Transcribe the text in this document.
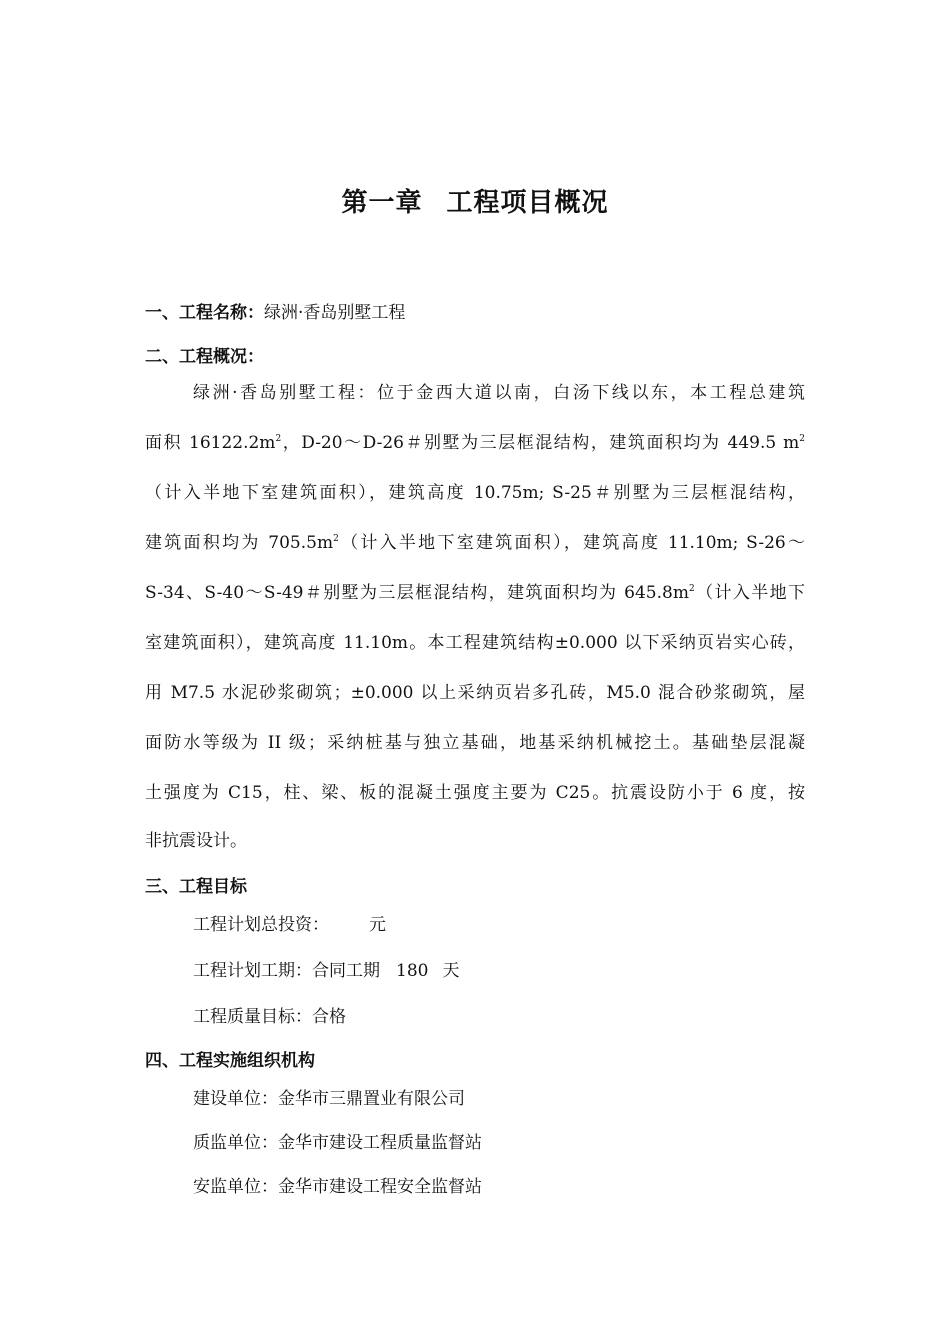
第一章 工程项目概况
一、工程名称：绿洲·香岛别墅工程
二、工程概况：
绿洲·香岛别墅工程：位于金西大道以南，白汤下线以东，本工程总建筑
面积 $16122.2m^2$，D-20～D-26＃别墅为三层框混结构，建筑面积均为 449.5 $m^2$
（计入半地下室建筑面积），建筑高度 10.75m; S-25＃别墅为三层框混结构，
建筑面积均为 $705.5m^2$（计入半地下室建筑面积），建筑高度 11.10m; S-26～
S-34、S-40～S-49＃别墅为三层框混结构，建筑面积均为 $645.8m^2$（计入半地下
室建筑面积），建筑高度 11.10m。本工程建筑结构±0.000 以下采纳页岩实心砖，
用 M7.5 水泥砂浆砌筑；±0.000 以上采纳页岩多孔砖，M5.0 混合砂浆砌筑，屋
面防水等级为 II 级；采纳桩基与独立基础，地基采纳机械挖土。基础垫层混凝
土强度为 C15，柱、梁、板的混凝土强度主要为 C25。抗震设防小于 6 度，按
非抗震设计。
三、工程目标
工程计划总投资： 元
工程计划工期：合同工期 180 天
工程质量目标：合格
四、工程实施组织机构
建设单位：金华市三鼎置业有限公司
质监单位：金华市建设工程质量监督站
安监单位：金华市建设工程安全监督站
